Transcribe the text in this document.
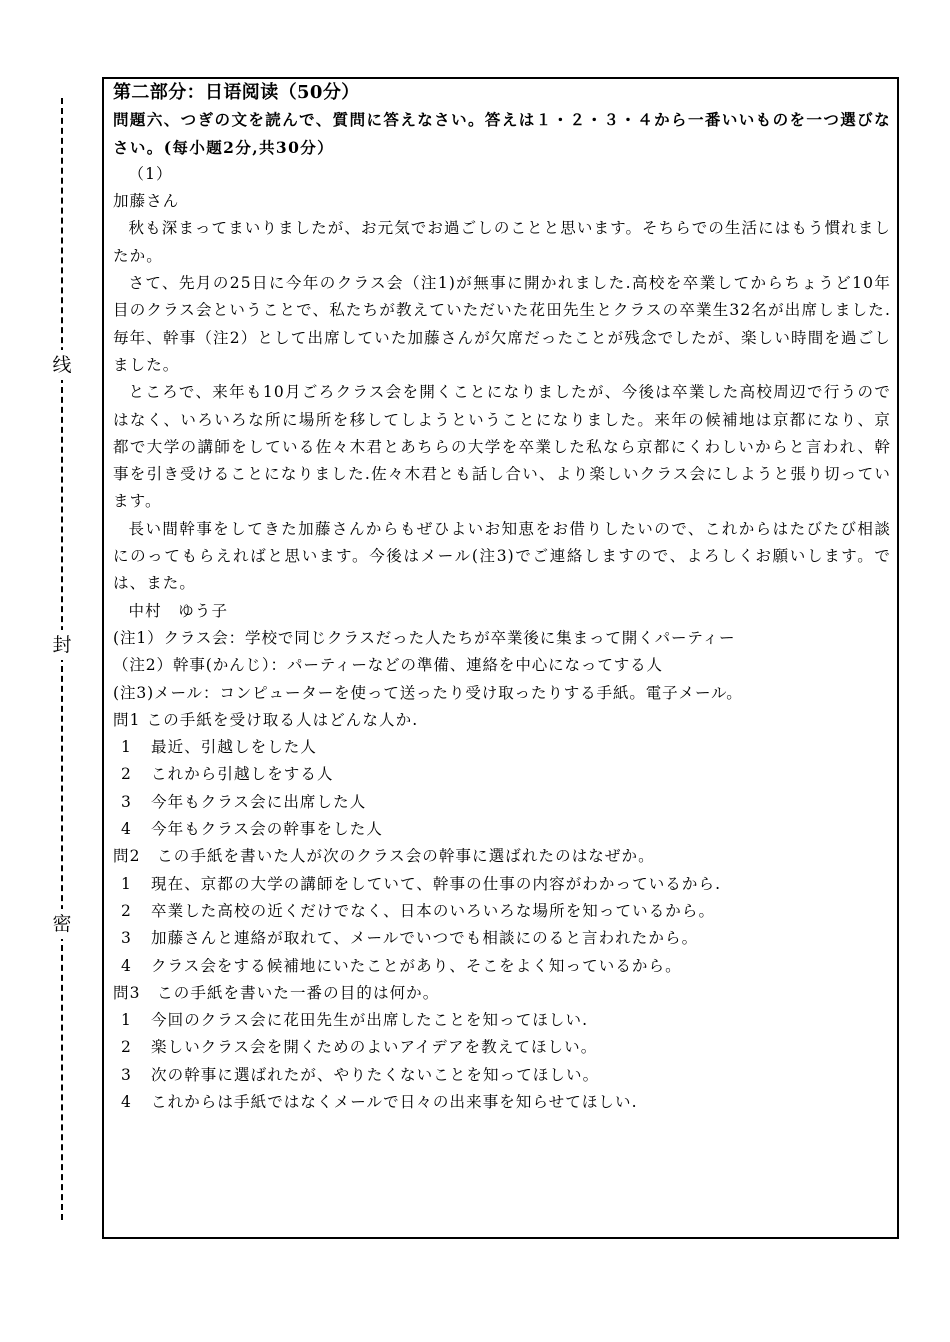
线
封
密

第二部分：日语阅读（50分）

問題六、つぎの文を読んで、質問に答えなさい。答えは１・２・３・４から一番いいものを一つ選びなさい。(每小题2分,共30分）

（1）

加藤さん

秋も深まってまいりましたが、お元気でお過ごしのことと思います。そちらでの生活にはもう慣れましたか。

さて、先月の25日に今年のクラス会（注1)が無事に開かれました.高校を卒業してからちょうど10年目のクラス会ということで、私たちが教えていただいた花田先生とクラスの卒業生32名が出席しました.毎年、幹事（注2）として出席していた加藤さんが欠席だったことが残念でしたが、楽しい時間を過ごしました。

ところで、来年も10月ごろクラス会を開くことになりましたが、今後は卒業した高校周辺で行うのではなく、いろいろな所に場所を移してしようということになりました。来年の候補地は京都になり、京都で大学の講師をしている佐々木君とあちらの大学を卒業した私なら京都にくわしいからと言われ、幹事を引き受けることになりました.佐々木君とも話し合い、より楽しいクラス会にしようと張り切っています。

長い間幹事をしてきた加藤さんからもぜひよいお知恵をお借りしたいので、これからはたびたび相談にのってもらえればと思います。今後はメール(注3)でご連絡しますので、よろしくお願いします。では、また。

中村　ゆう子

(注1）クラス会：学校で同じクラスだった人たちが卒業後に集まって開くパーティー

（注2）幹事(かんじ）：パーティーなどの準備、連絡を中心になってする人

(注3)メール：コンピューターを使って送ったり受け取ったりする手紙。電子メール。

問1 この手紙を受け取る人はどんな人か.

1 最近、引越しをした人

2 これから引越しをする人

3 今年もクラス会に出席した人

4 今年もクラス会の幹事をした人

問2　この手紙を書いた人が次のクラス会の幹事に選ばれたのはなぜか。

1 現在、京都の大学の講師をしていて、幹事の仕事の内容がわかっているから.

2 卒業した高校の近くだけでなく、日本のいろいろな場所を知っているから。

3 加藤さんと連絡が取れて、メールでいつでも相談にのると言われたから。

4 クラス会をする候補地にいたことがあり、そこをよく知っているから。

問3　この手紙を書いた一番の目的は何か。

1 今回のクラス会に花田先生が出席したことを知ってほしい.

2 楽しいクラス会を開くためのよいアイデアを教えてほしい。

3 次の幹事に選ばれたが、やりたくないことを知ってほしい。

4 これからは手紙ではなくメールで日々の出来事を知らせてほしい.
